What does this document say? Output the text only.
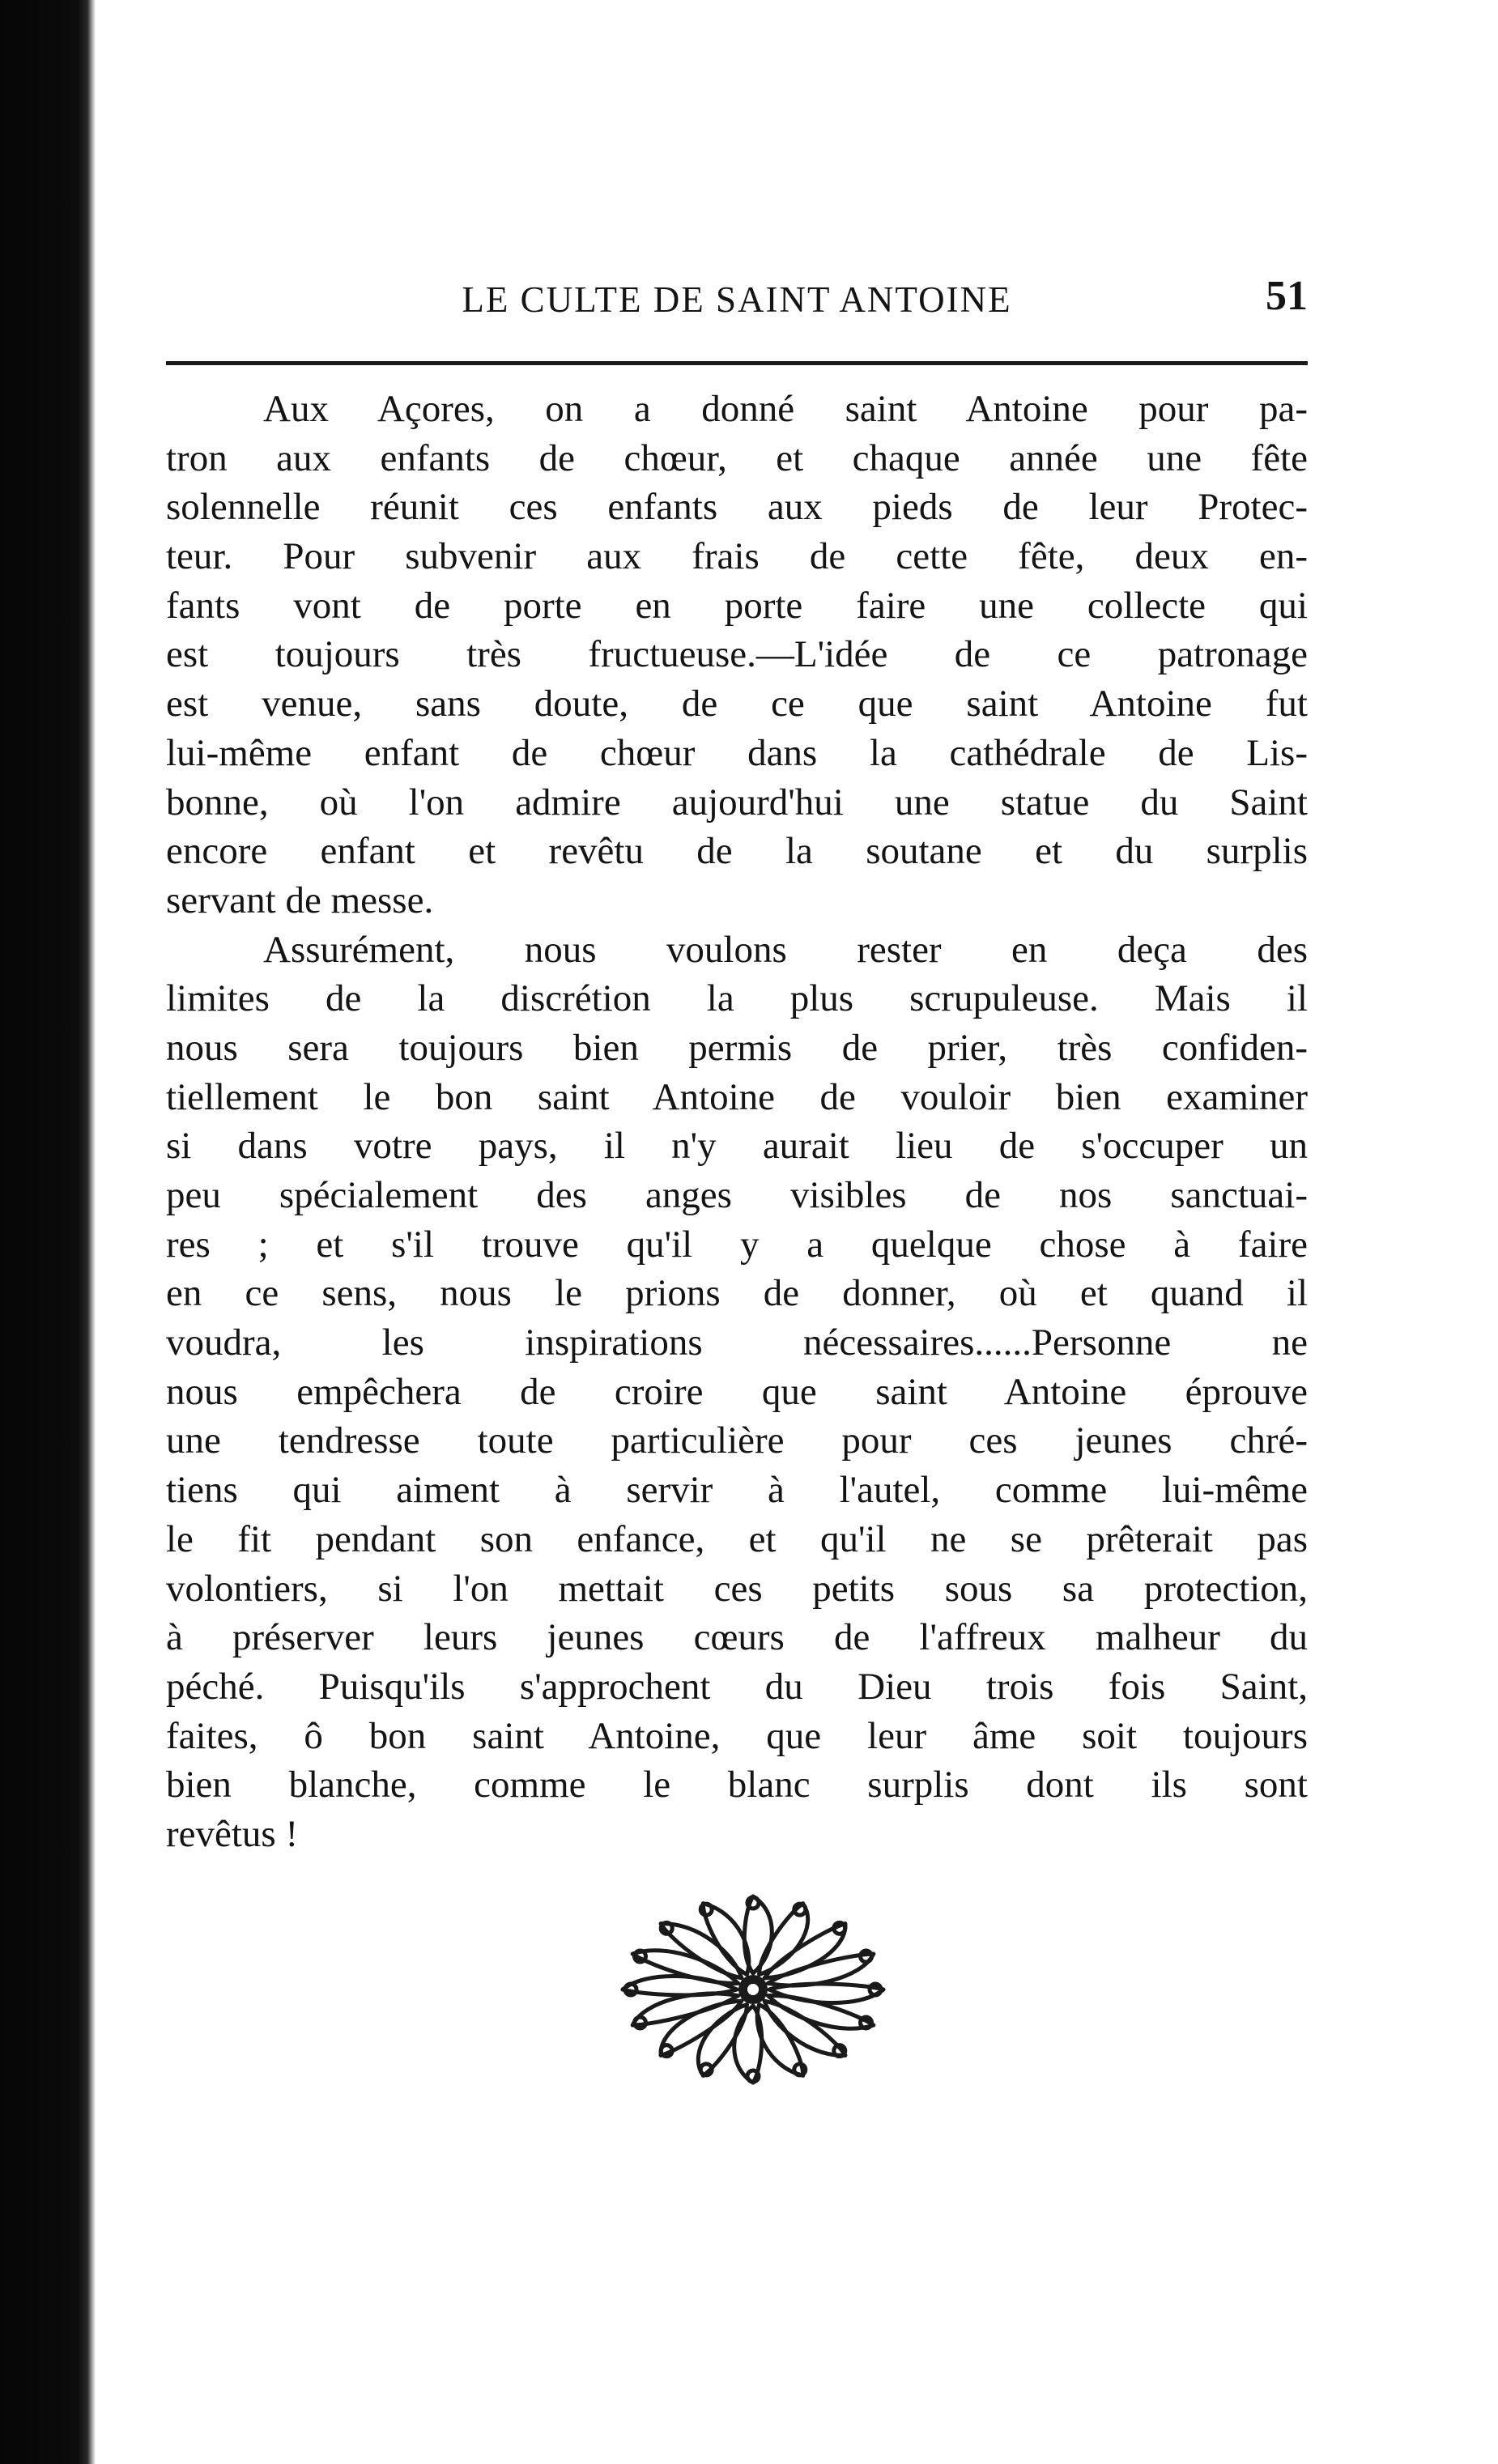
LE CULTE DE SAINT ANTOINE	51
Aux Açores, on a donné saint Antoine pour pa-
tron aux enfants de chœur, et chaque année une fête
solennelle réunit ces enfants aux pieds de leur Protec-
teur. Pour subvenir aux frais de cette fête, deux en-
fants vont de porte en porte faire une collecte qui
est toujours très fructueuse.—L'idée de ce patronage
est venue, sans doute, de ce que saint Antoine fut
lui-même enfant de chœur dans la cathédrale de Lis-
bonne, où l'on admire aujourd'hui une statue du Saint
encore enfant et revêtu de la soutane et du surplis
servant de messe.
Assurément, nous voulons rester en deça des
limites de la discrétion la plus scrupuleuse. Mais il
nous sera toujours bien permis de prier, très confiden-
tiellement le bon saint Antoine de vouloir bien examiner
si dans votre pays, il n'y aurait lieu de s'occuper un
peu spécialement des anges visibles de nos sanctuai-
res ; et s'il trouve qu'il y a quelque chose à faire
en ce sens, nous le prions de donner, où et quand il
voudra, les inspirations nécessaires......Personne ne
nous empêchera de croire que saint Antoine éprouve
une tendresse toute particulière pour ces jeunes chré-
tiens qui aiment à servir à l'autel, comme lui-même
le fit pendant son enfance, et qu'il ne se prêterait pas
volontiers, si l'on mettait ces petits sous sa protection,
à préserver leurs jeunes cœurs de l'affreux malheur du
péché. Puisqu'ils s'approchent du Dieu trois fois Saint,
faites, ô bon saint Antoine, que leur âme soit toujours
bien blanche, comme le blanc surplis dont ils sont
revêtus !
